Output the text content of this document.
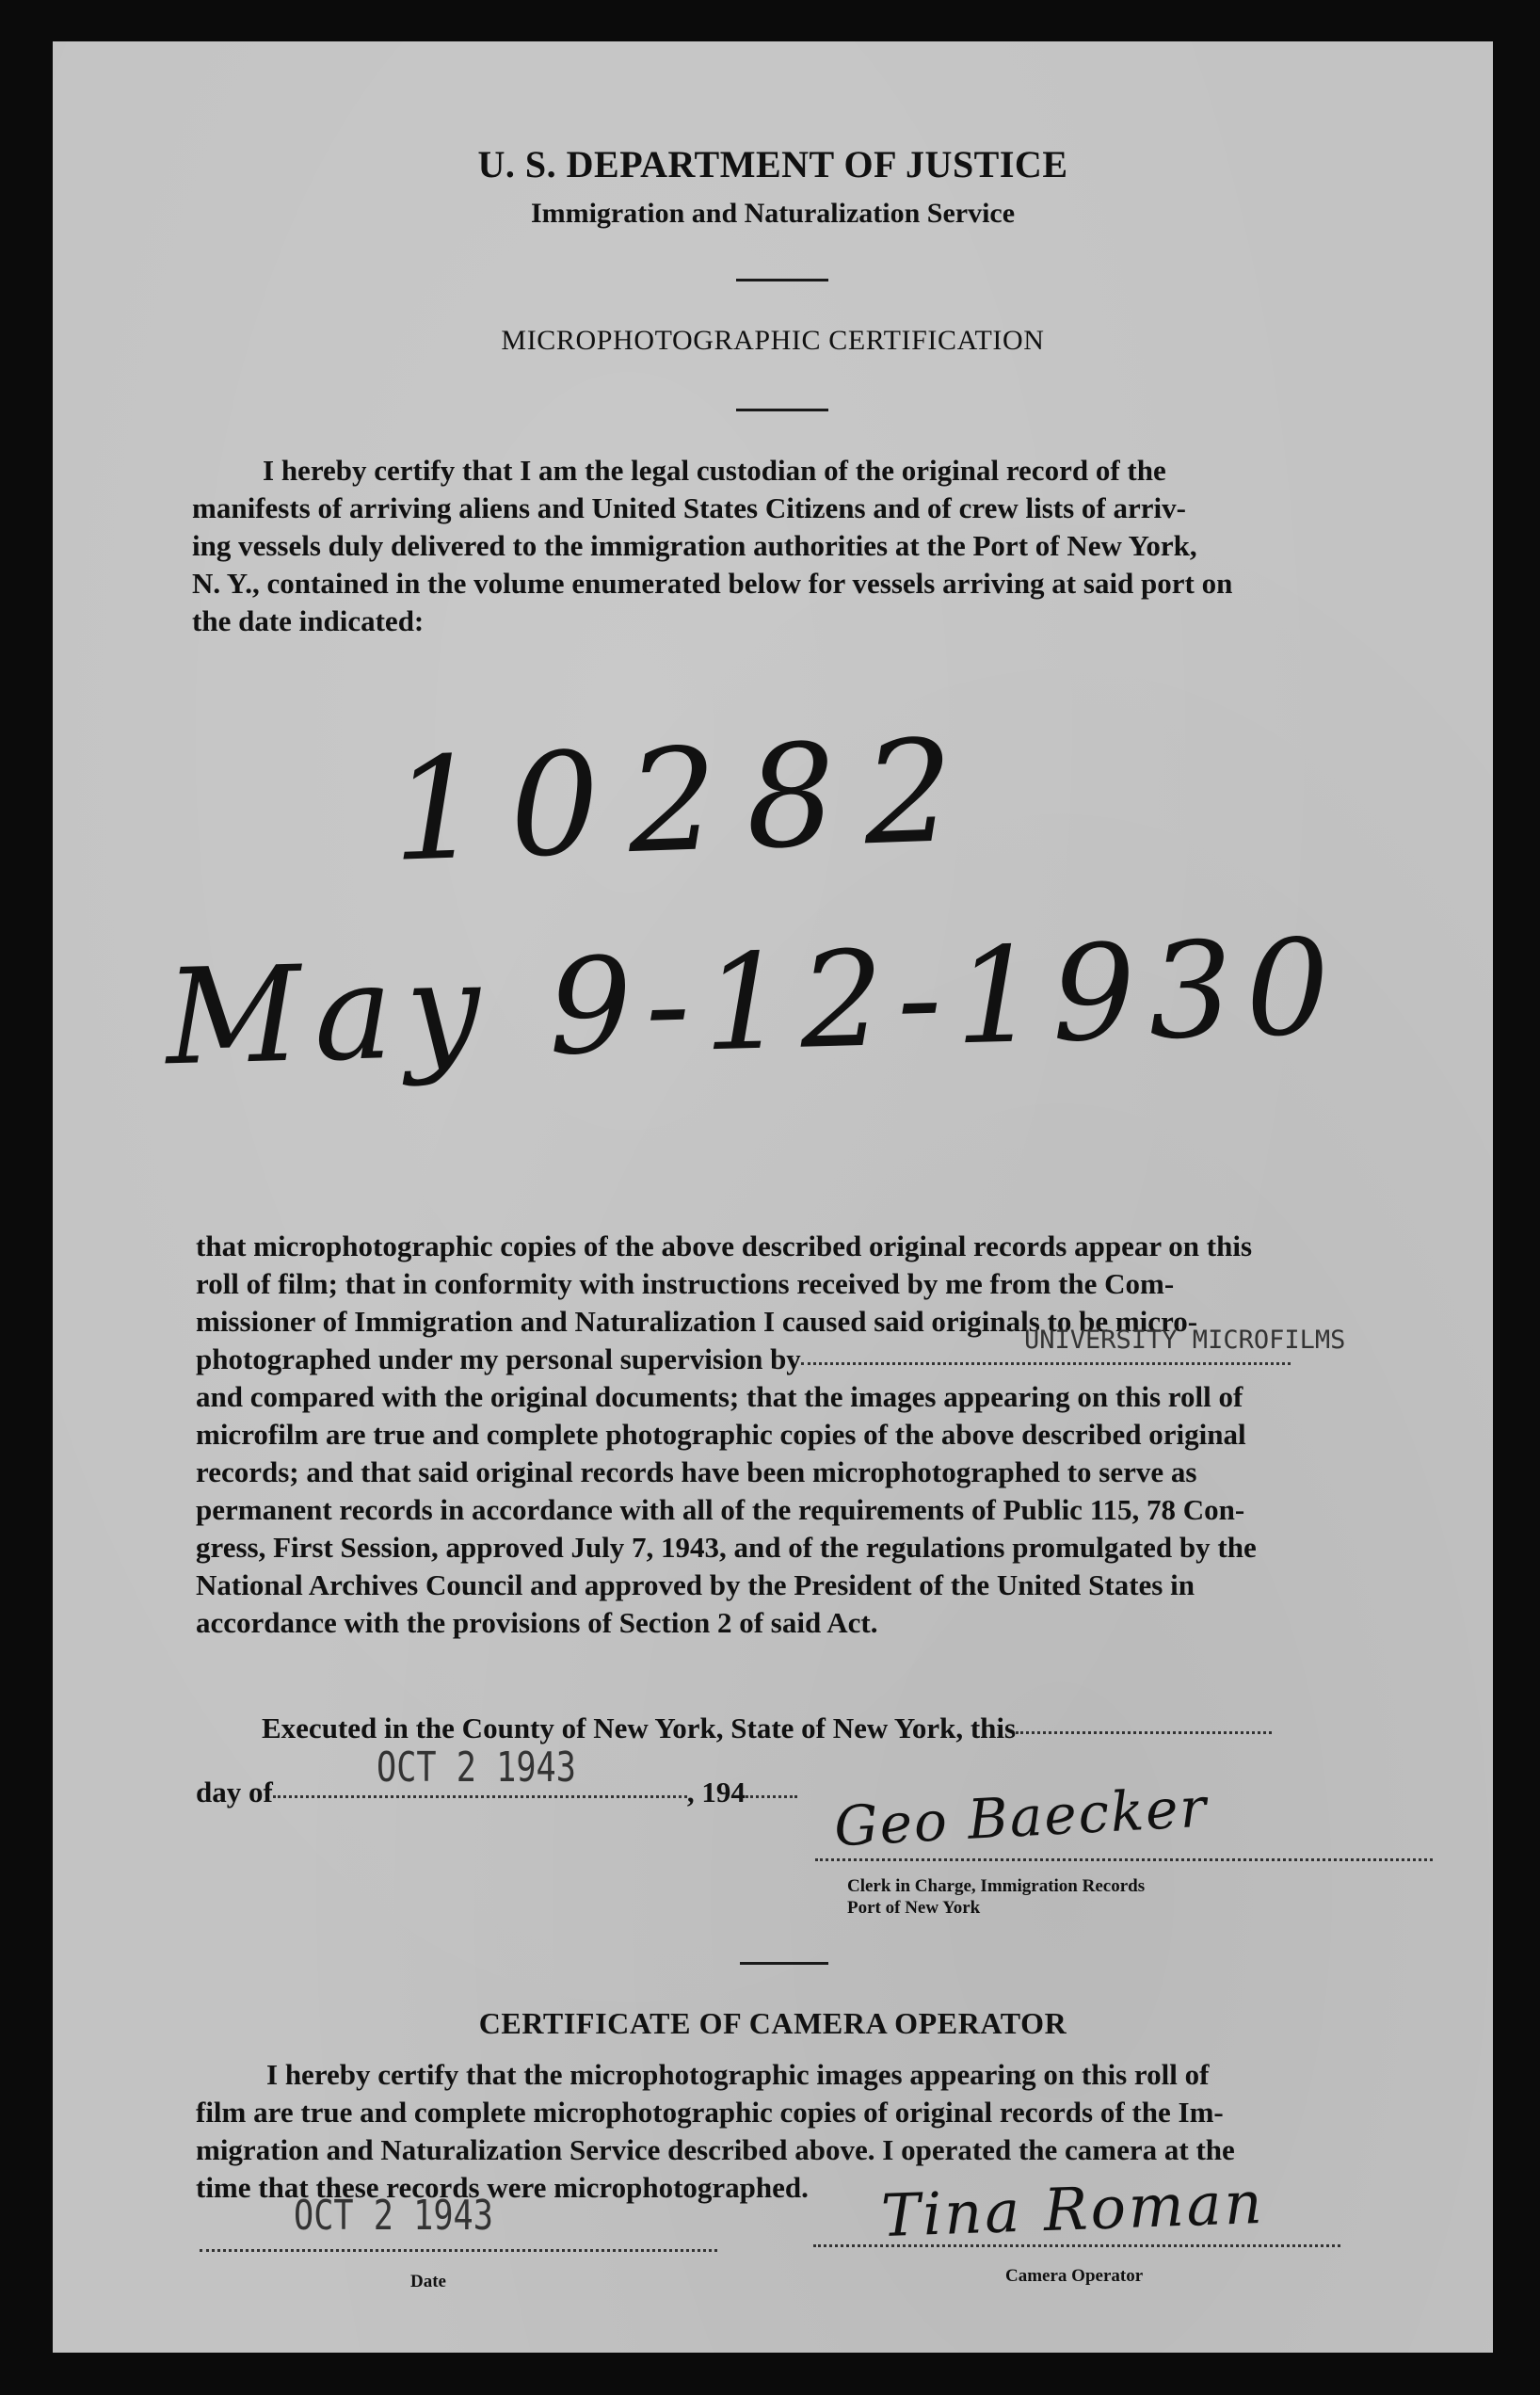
U. S. DEPARTMENT OF JUSTICE
Immigration and Naturalization Service
MICROPHOTOGRAPHIC CERTIFICATION

I hereby certify that I am the legal custodian of the original record of the

manifests of arriving aliens and United States Citizens and of crew lists of arriv-

ing vessels duly delivered to the immigration authorities at the Port of New York,

N. Y., contained in the volume enumerated below for vessels arriving at said port on

the date indicated:

10282
May 9-12-1930

that microphotographic copies of the above described original records appear on this

roll of film; that in conformity with instructions received by me from the Com-

missioner of Immigration and Naturalization I caused said originals to be micro-

photographed under my personal supervision by
UNIVERSITY MICROFILMS

and compared with the original documents; that the images appearing on this roll of

microfilm are true and complete photographic copies of the above described original

records; and that said original records have been microphotographed to serve as

permanent records in accordance with all of the requirements of Public 115, 78 Con-

gress, First Session, approved July 7, 1943, and of the regulations promulgated by the

National Archives Council and approved by the President of the United States in

accordance with the provisions of Section 2 of said Act.

Executed in the County of New York, State of New York, this
day of	, 194
OCT 2 1943
Geo Baecker
Clerk in Charge, Immigration Records
Port of New York
CERTIFICATE OF CAMERA OPERATOR

I hereby certify that the microphotographic images appearing on this roll of

film are true and complete microphotographic copies of original records of the Im-

migration and Naturalization Service described above. I operated the camera at the

time that these records were microphotographed.

OCT 2 1943
Date
Tina Roman
Camera Operator
